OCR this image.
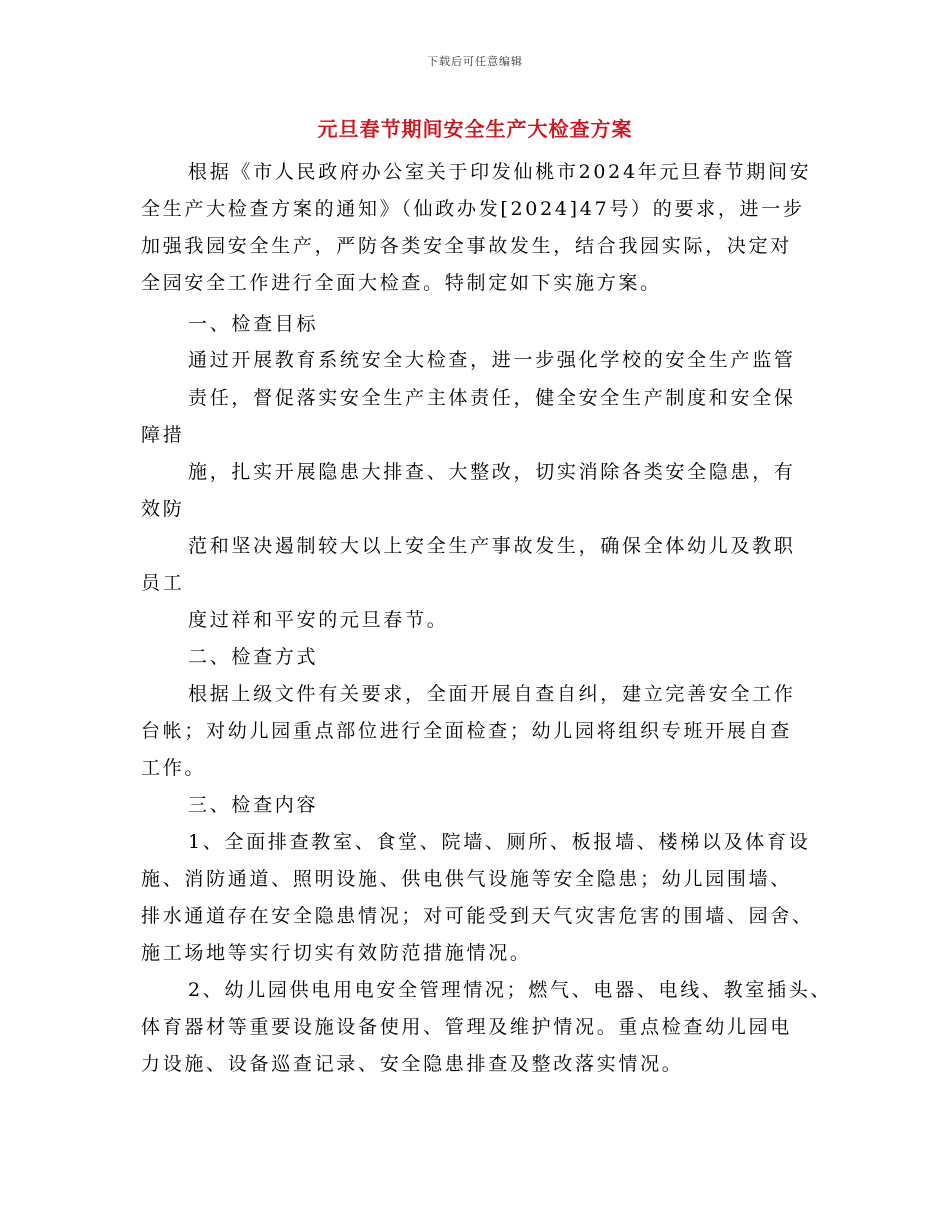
下载后可任意编辑
元旦春节期间安全生产大检查方案
根据《市人民政府办公室关于印发仙桃市2024年元旦春节期间安
全生产大检查方案的通知》（仙政办发[2024]47号）的要求，进一步
加强我园安全生产，严防各类安全事故发生，结合我园实际，决定对
全园安全工作进行全面大检查。特制定如下实施方案。
一、检查目标
通过开展教育系统安全大检查，进一步强化学校的安全生产监管
责任，督促落实安全生产主体责任，健全安全生产制度和安全保
障措
施，扎实开展隐患大排查、大整改，切实消除各类安全隐患，有
效防
范和坚决遏制较大以上安全生产事故发生，确保全体幼儿及教职
员工
度过祥和平安的元旦春节。
二、检查方式
根据上级文件有关要求，全面开展自查自纠，建立完善安全工作
台帐；对幼儿园重点部位进行全面检查；幼儿园将组织专班开展自查
工作。
三、检查内容
1、全面排查教室、食堂、院墙、厕所、板报墙、楼梯以及体育设
施、消防通道、照明设施、供电供气设施等安全隐患；幼儿园围墙、
排水通道存在安全隐患情况；对可能受到天气灾害危害的围墙、园舍、
施工场地等实行切实有效防范措施情况。
2、幼儿园供电用电安全管理情况；燃气、电器、电线、教室插头、
体育器材等重要设施设备使用、管理及维护情况。重点检查幼儿园电
力设施、设备巡查记录、安全隐患排查及整改落实情况。
